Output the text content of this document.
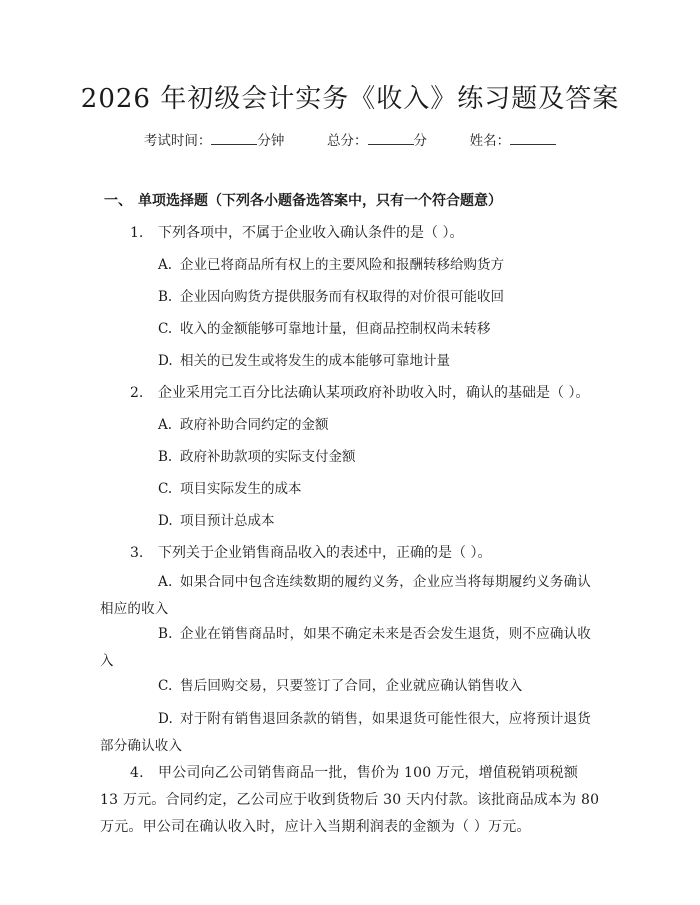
2026 年初级会计实务《收入》练习题及答案
考试时间：	分钟	总分：	分	姓名：
一、 单项选择题（下列各小题备选答案中，只有一个符合题意）
1. 下列各项中，不属于企业收入确认条件的是（ ）。
A. 企业已将商品所有权上的主要风险和报酬转移给购货方
B. 企业因向购货方提供服务而有权取得的对价很可能收回
C. 收入的金额能够可靠地计量，但商品控制权尚未转移
D. 相关的已发生或将发生的成本能够可靠地计量
2. 企业采用完工百分比法确认某项政府补助收入时，确认的基础是（ ）。
A. 政府补助合同约定的金额
B. 政府补助款项的实际支付金额
C. 项目实际发生的成本
D. 项目预计总成本
3. 下列关于企业销售商品收入的表述中，正确的是（ ）。
A. 如果合同中包含连续数期的履约义务，企业应当将每期履约义务确认相应的收入
B. 企业在销售商品时，如果不确定未来是否会发生退货，则不应确认收入
C. 售后回购交易，只要签订了合同，企业就应确认销售收入
D. 对于附有销售退回条款的销售，如果退货可能性很大，应将预计退货部分确认收入
4. 甲公司向乙公司销售商品一批，售价为 100 万元，增值税销项税额 13 万元。合同约定，乙公司应于收到货物后 30 天内付款。该批商品成本为 80 万元。甲公司在确认收入时，应计入当期利润表的金额为（ ）万元。
